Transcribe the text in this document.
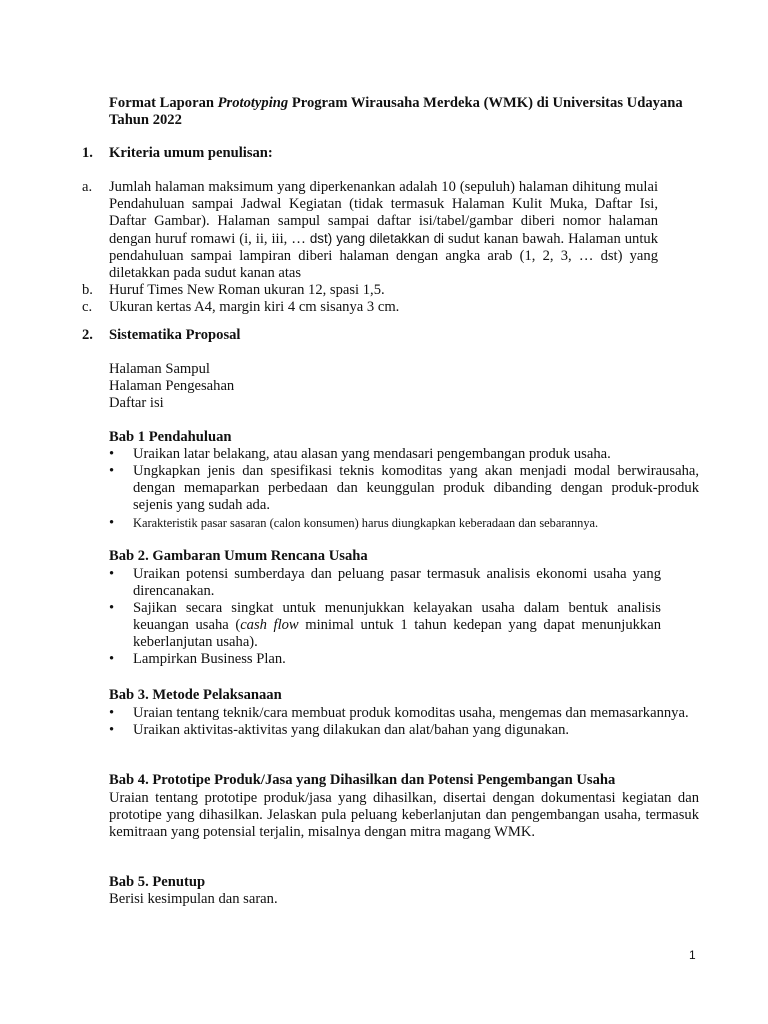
Format Laporan Prototyping Program Wirausaha Merdeka (WMK) di Universitas Udayana Tahun 2022

1. Kriteria umum penulisan:
a.	Jumlah halaman maksimum yang diperkenankan adalah 10 (sepuluh) halaman dihitung mulai Pendahuluan sampai Jadwal Kegiatan (tidak termasuk Halaman Kulit Muka, Daftar Isi, Daftar Gambar). Halaman sampul sampai daftar isi/tabel/gambar diberi nomor halaman dengan huruf romawi (i, ii, iii, … dst) yang diletakkan di sudut kanan bawah. Halaman untuk pendahuluan sampai lampiran diberi halaman dengan angka arab (1, 2, 3, … dst) yang diletakkan pada sudut kanan atas
b.	Huruf Times New Roman ukuran 12, spasi 1,5.
c.	Ukuran kertas A4, margin kiri 4 cm sisanya 3 cm.
2. Sistematika Proposal
Halaman Sampul
Halaman Pengesahan
Daftar isi
Bab 1 Pendahuluan
•	Uraikan latar belakang, atau alasan yang mendasari pengembangan produk usaha.
•	Ungkapkan jenis dan spesifikasi teknis komoditas yang akan menjadi modal berwirausaha, dengan memaparkan perbedaan dan keunggulan produk dibanding dengan produk-produk sejenis yang sudah ada.
•	Karakteristik pasar sasaran (calon konsumen) harus diungkapkan keberadaan dan sebarannya.
Bab 2. Gambaran Umum Rencana Usaha
•	Uraikan potensi sumberdaya dan peluang pasar termasuk analisis ekonomi usaha yang direncanakan.
•	Sajikan secara singkat untuk menunjukkan kelayakan usaha dalam bentuk analisis keuangan usaha (cash flow minimal untuk 1 tahun kedepan yang dapat menunjukkan keberlanjutan usaha).
•	Lampirkan Business Plan.
Bab 3. Metode Pelaksanaan
•	Uraian tentang teknik/cara membuat produk komoditas usaha, mengemas dan memasarkannya.
•	Uraikan aktivitas-aktivitas yang dilakukan dan alat/bahan yang digunakan.
Bab 4. Prototipe Produk/Jasa yang Dihasilkan dan Potensi Pengembangan Usaha

Uraian tentang prototipe produk/jasa yang dihasilkan, disertai dengan dokumentasi kegiatan dan prototipe yang dihasilkan. Jelaskan pula peluang keberlanjutan dan pengembangan usaha, termasuk kemitraan yang potensial terjalin, misalnya dengan mitra magang WMK.

Bab 5. Penutup

Berisi kesimpulan dan saran.

1
